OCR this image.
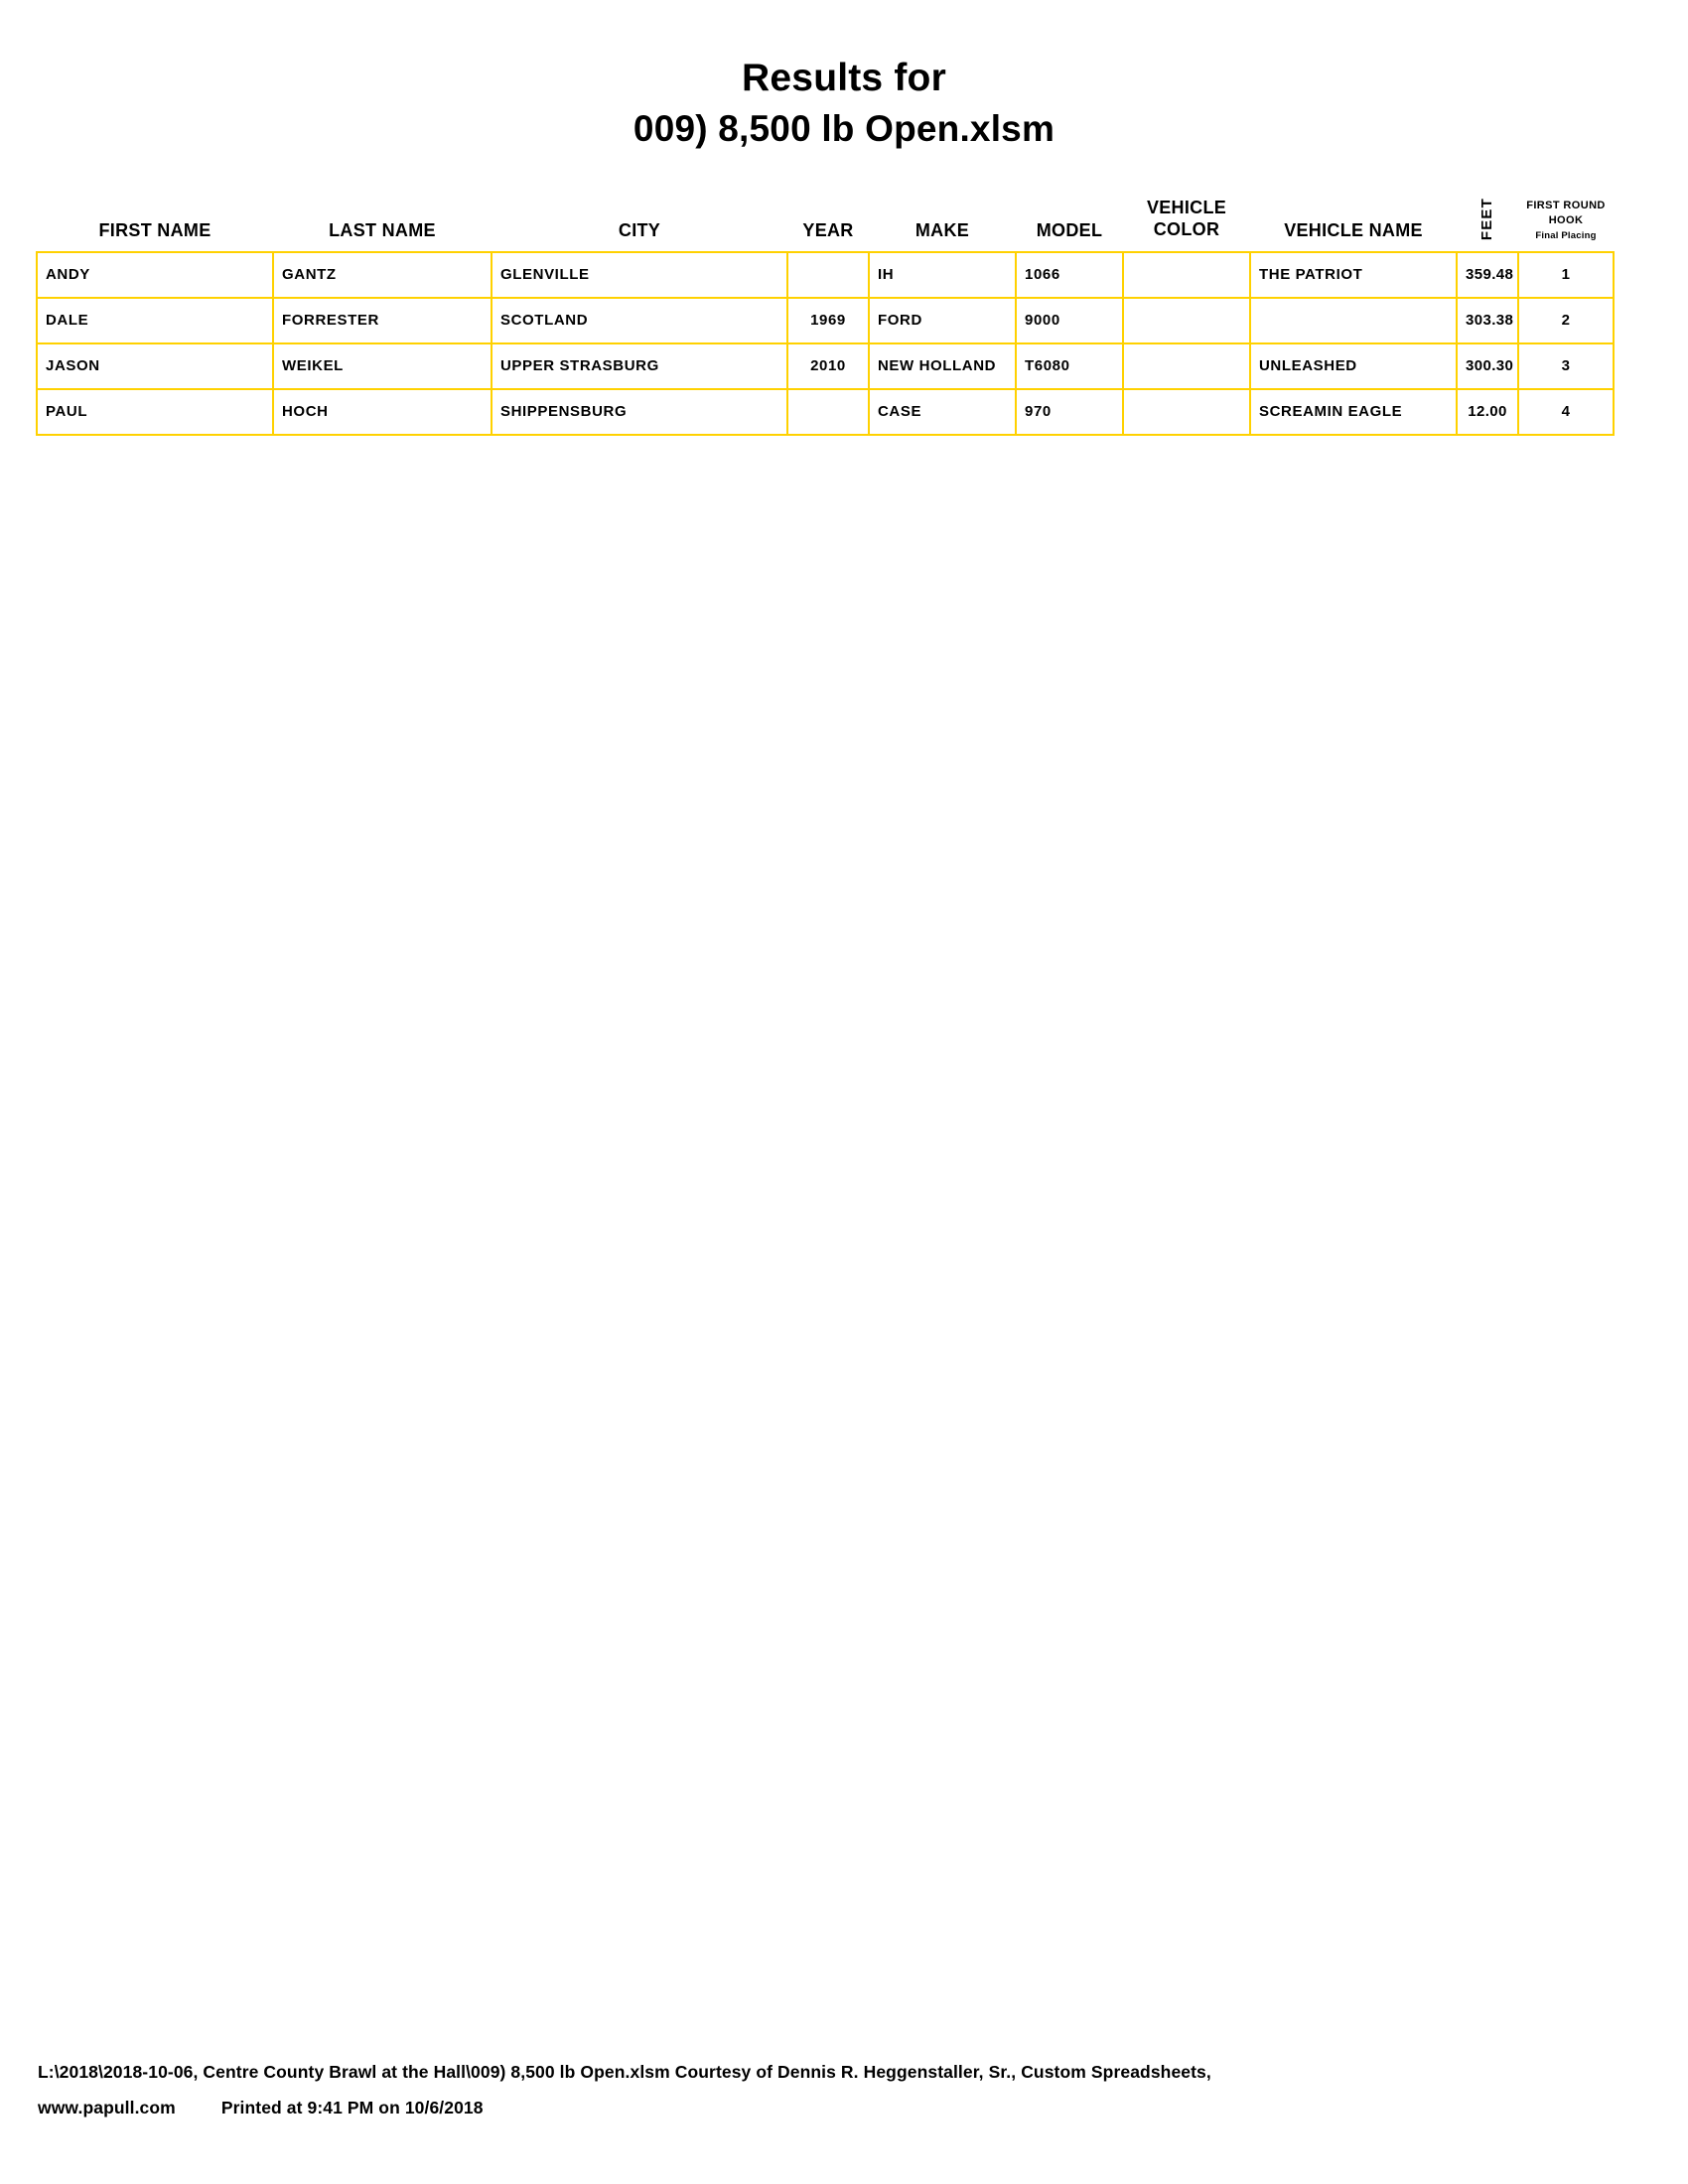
Results for
009) 8,500 lb Open.xlsm
FIRST NAME	LAST NAME	CITY	YEAR	MAKE	MODEL	VEHICLE
COLOR	VEHICLE NAME	FEET	FIRST ROUND
HOOK
Final Placing
ANDY	GANTZ	GLENVILLE		IH	1066		THE PATRIOT	359.48	1
DALE	FORRESTER	SCOTLAND	1969	FORD	9000			303.38	2
JASON	WEIKEL	UPPER STRASBURG	2010	NEW HOLLAND	T6080		UNLEASHED	300.30	3
PAUL	HOCH	SHIPPENSBURG		CASE	970		SCREAMIN EAGLE	12.00	4
L:\2018\2018-10-06, Centre County Brawl at the Hall\009) 8,500 lb Open.xlsm Courtesy of Dennis R. Heggenstaller, Sr., Custom Spreadsheets,
www.papull.com	Printed at 9:41 PM on 10/6/2018
